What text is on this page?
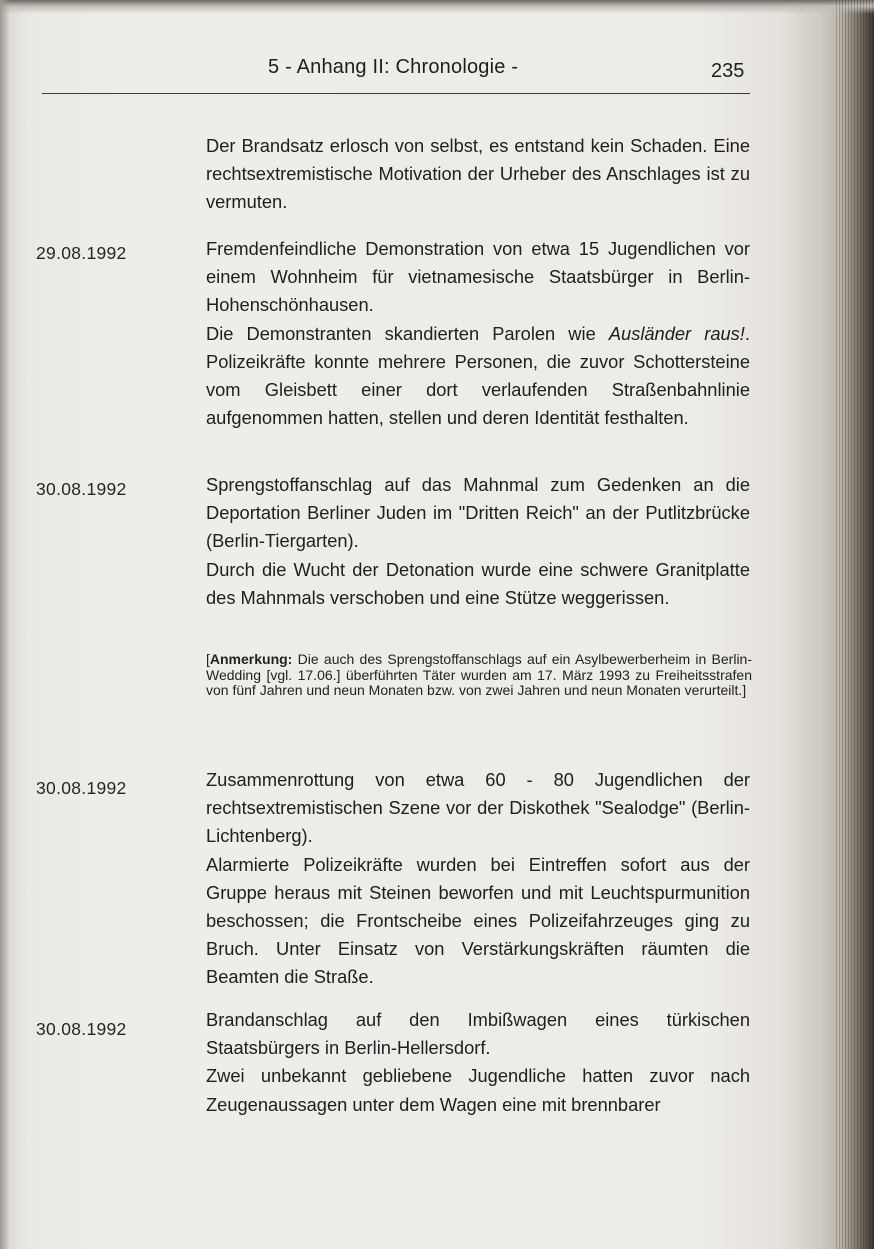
5 - Anhang II: Chronologie -	235

Der Brandsatz erlosch von selbst, es entstand kein Schaden. Eine rechtsextremistische Motivation der Urheber des Anschlages ist zu vermuten.

29.08.1992	Fremdenfeindliche Demonstration von etwa 15 Jugendlichen vor einem Wohnheim für vietnamesische Staatsbürger in Berlin-Hohenschönhausen.

Die Demonstranten skandierten Parolen wie Ausländer raus!. Polizeikräfte konnte mehrere Personen, die zuvor Schottersteine vom Gleisbett einer dort verlaufenden Straßenbahnlinie aufgenommen hatten, stellen und deren Identität festhalten.

30.08.1992	Sprengstoffanschlag auf das Mahnmal zum Gedenken an die Deportation Berliner Juden im "Dritten Reich" an der Putlitzbrücke (Berlin-Tiergarten).

Durch die Wucht der Detonation wurde eine schwere Granitplatte des Mahnmals verschoben und eine Stütze weggerissen.

[Anmerkung: Die auch des Sprengstoffanschlags auf ein Asylbewerberheim in Berlin-Wedding [vgl. 17.06.] überführten Täter wurden am 17. März 1993 zu Freiheitsstrafen von fünf Jahren und neun Monaten bzw. von zwei Jahren und neun Monaten verurteilt.]
30.08.1992	Zusammenrottung von etwa 60 - 80 Jugendlichen der rechtsextremistischen Szene vor der Diskothek "Sealodge" (Berlin-Lichtenberg).

Alarmierte Polizeikräfte wurden bei Eintreffen sofort aus der Gruppe heraus mit Steinen beworfen und mit Leuchtspurmunition beschossen; die Frontscheibe eines Polizeifahrzeuges ging zu Bruch. Unter Einsatz von Verstärkungskräften räumten die Beamten die Straße.

30.08.1992	Brandanschlag auf den Imbißwagen eines türkischen Staatsbürgers in Berlin-Hellersdorf.

Zwei unbekannt gebliebene Jugendliche hatten zuvor nach Zeugenaussagen unter dem Wagen eine mit brennbarer
